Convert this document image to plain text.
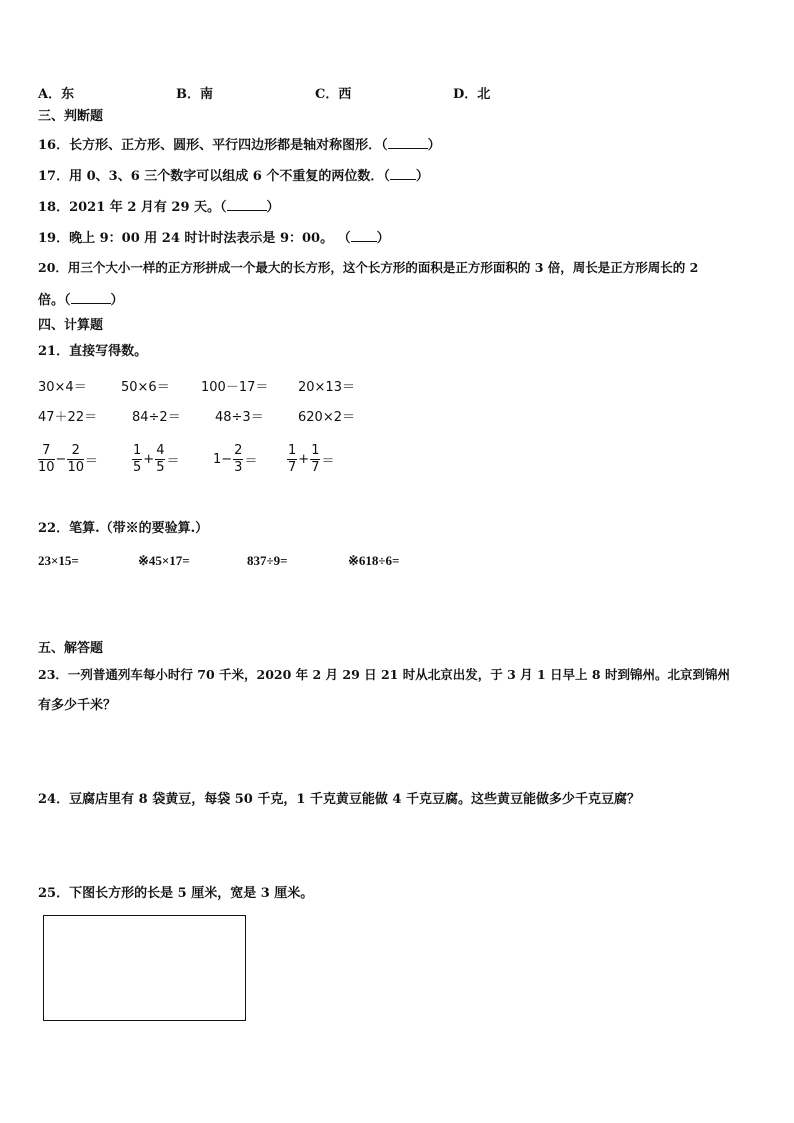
A．东	B．南	C．西	D．北
三、判断题
16．长方形、正方形、圆形、平行四边形都是轴对称图形．（	）
17．用 0、3、6 三个数字可以组成 6 个不重复的两位数．（ ）
18．2021 年 2 月有 29 天。（	）
19．晚上 9：00 用 24 时计时法表示是 9：00。 （ ）
20．用三个大小一样的正方形拼成一个最大的长方形，这个长方形的面积是正方形面积的 3 倍，周长是正方形周长的 2
倍。（	）
四、计算题
21．直接写得数。
30×4＝	50×6＝ 100－17＝ 20×13＝
47＋22＝	84÷2＝	48÷3＝	620×2＝
$\frac{7}{10} - \frac{2}{10}$ ＝	$\frac{1}{5} + \frac{4}{5}$ ＝	$1- \frac{2}{3} = \frac{1}{7} + \frac{1}{7}$ ＝
22．笔算.（带※的要验算.）
23×15=	※45×17=	837÷9=	※618÷6=
五、解答题
23．一列普通列车每小时行 70 千米，2020 年 2 月 29 日 21 时从北京出发，于 3 月 1 日早上 8 时到锦州。北京到锦州
有多少千米？
24．豆腐店里有 8 袋黄豆，每袋 50 千克，1 千克黄豆能做 4 千克豆腐。这些黄豆能做多少千克豆腐？
25．下图长方形的长是 5 厘米，宽是 3 厘米。
